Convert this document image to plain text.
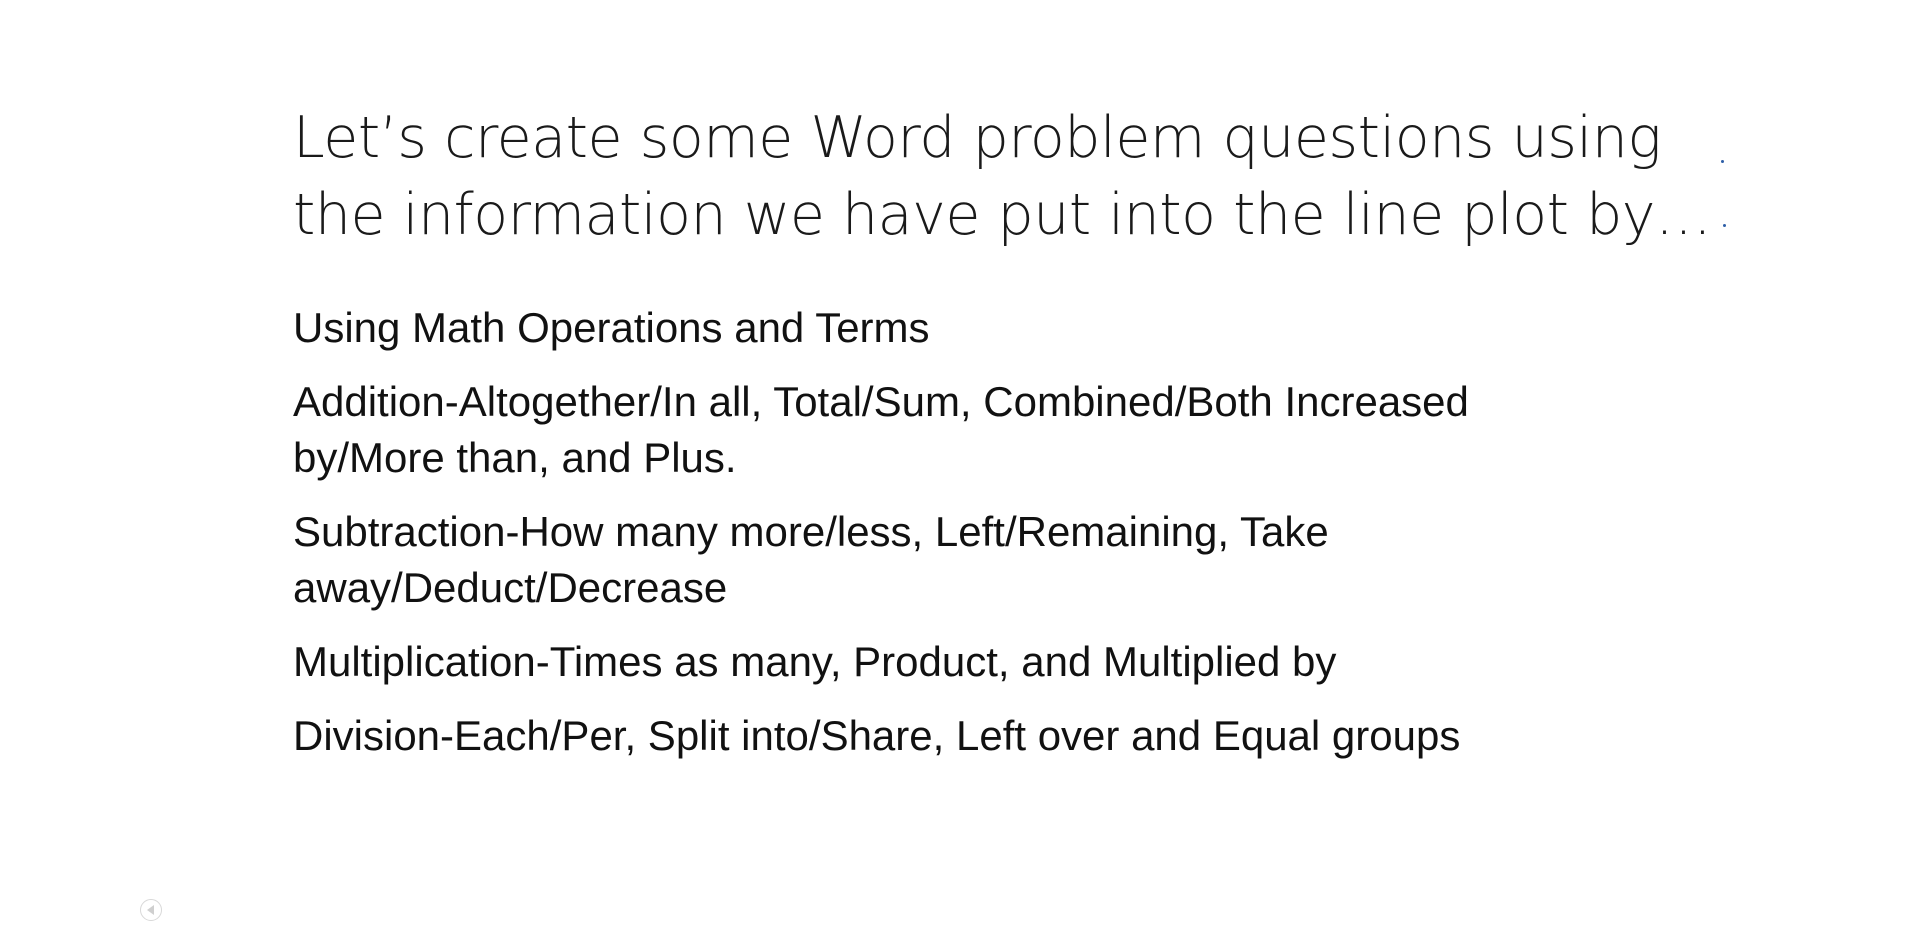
Let’s create some Word problem questions using
the information we have put into the line plot by…
Using Math Operations and Terms
Addition-Altogether/In all, Total/Sum, Combined/Both Increased
by/More than, and Plus.
Subtraction-How many more/less, Left/Remaining, Take
away/Deduct/Decrease
Multiplication-Times as many, Product, and Multiplied by
Division-Each/Per, Split into/Share, Left over and Equal groups
